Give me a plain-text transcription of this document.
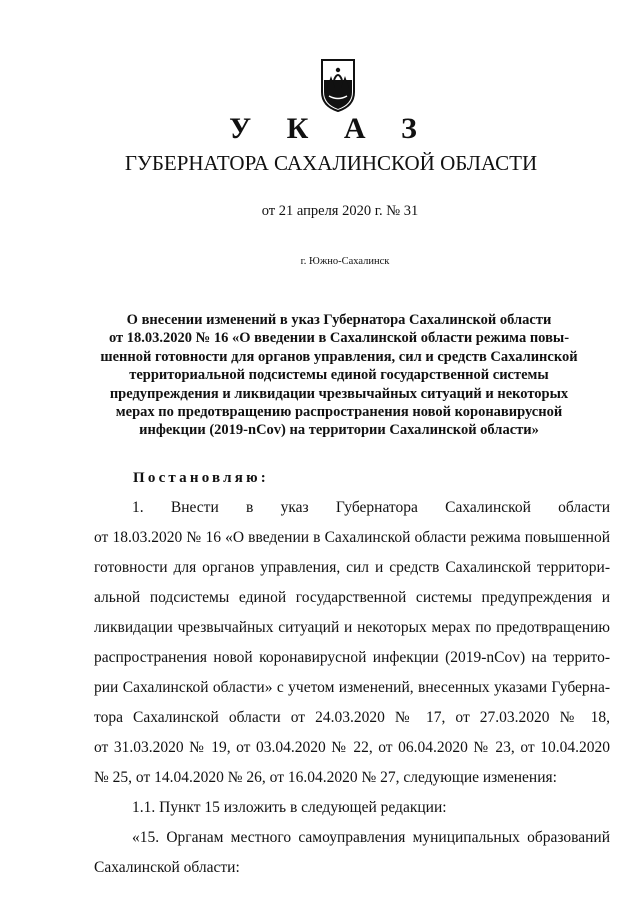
У К А З
ГУБЕРНАТОРА САХАЛИНСКОЙ ОБЛАСТИ
от 21 апреля 2020 г. № 31
г. Южно-Сахалинск
О внесении изменений в указ Губернатора Сахалинской области
от 18.03.2020 № 16 «О введении в Сахалинской области режима повы-
шенной готовности для органов управления, сил и средств Сахалинской
территориальной подсистемы единой государственной системы
предупреждения и ликвидации чрезвычайных ситуаций и некоторых
мерах по предотвращению распространения новой коронавирусной
инфекции (2019-nCov) на территории Сахалинской области»
Постановляю:
1. Внести в указ Губернатора Сахалинской области
от 18.03.2020 № 16 «О введении в Сахалинской области режима повышенной
готовности для органов управления, сил и средств Сахалинской территори-
альной подсистемы единой государственной системы предупреждения и
ликвидации чрезвычайных ситуаций и некоторых мерах по предотвращению
распространения новой коронавирусной инфекции (2019-nCov) на террито-
рии Сахалинской области» с учетом изменений, внесенных указами Губерна-
тора Сахалинской области от 24.03.2020 № 17, от 27.03.2020 № 18,
от 31.03.2020 № 19, от 03.04.2020 № 22, от 06.04.2020 № 23, от 10.04.2020
№ 25, от 14.04.2020 № 26, от 16.04.2020 № 27, следующие изменения:
1.1. Пункт 15 изложить в следующей редакции:
«15. Органам местного самоуправления муниципальных образований
Сахалинской области:
